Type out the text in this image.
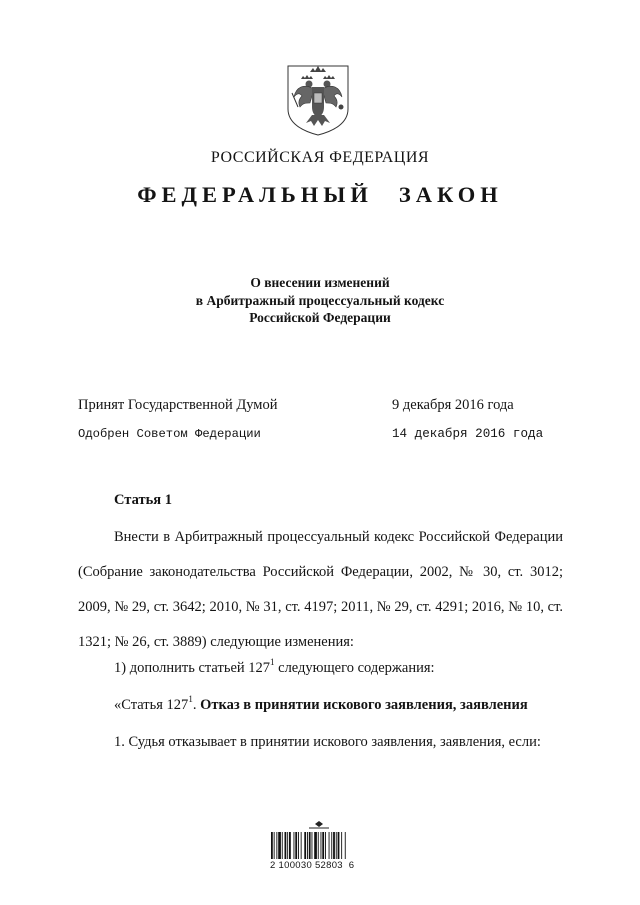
РОССИЙСКАЯ ФЕДЕРАЦИЯ
ФЕДЕРАЛЬНЫЙ ЗАКОН
О внесении изменений
в Арбитражный процессуальный кодекс
Российской Федерации
Принят Государственной Думой	9 декабря 2016 года
Одобрен Советом Федерации	14 декабря 2016 года
Статья 1
Внести в Арбитражный процессуальный кодекс Российской Федерации (Собрание законодательства Российской Федерации, 2002, № 30, ст. 3012; 2009, № 29, ст. 3642; 2010, № 31, ст. 4197; 2011, № 29, ст. 4291; 2016, № 10, ст. 1321; № 26, ст. 3889) следующие изменения:
1) дополнить статьей $127^1$ следующего содержания:
«Статья $127^1$. Отказ в принятии искового заявления, заявления
1. Судья отказывает в принятии искового заявления, заявления, если:
2 100030 52803  6
